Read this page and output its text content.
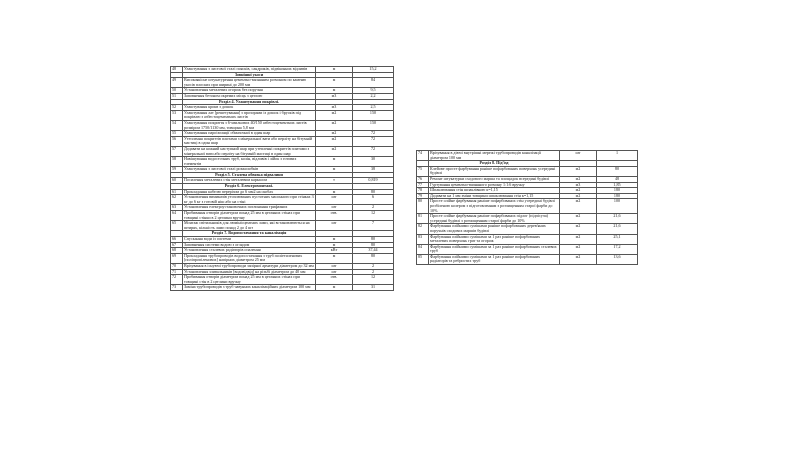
48	Улаштування з листової сталі поясків, сандриків, підвіконних відливів	м	15,2
	Зовнішні укоси		
49	Високоякісне штукатурення цементно-вапняним розчином по каменю укосів плоских при ширині до 200 мм	м	84
50	Установлення металевих огорож без поручня	м	9,5
51	Заповнення бетоном окремих місць з цеглою	м3	2,2
	Розділ 4. Улаштування покрівлі.		
52	Улаштування крокв з дошок	м3	2,5
53	Улаштування лат [решетування] з прозорами із дошок і брусків під покрівлю з азбестоцементних листів	м2	150
54	Улаштування покриття з 6-хвильових 40/150 азбестоцементних листів розміром 1750/1130 мм, товщина 5,8 мм	м2	150
55	Улаштування пароізоляції обмазочної в один шар	м2	72
56	Утеплення покриттів плитами з мінеральної вати або перліту на бітумній мастиці в один шар	м2	72
57	Додавати на кожний наступний шар при утепленні покриттів плитами з мінеральної вати або перліту на бітумній мастиці в один шар	м2	72
58	Навішування водосточних труб, колін, відливів і лійок з готових елементів	м	30
59	Улаштування з листової сталі розжолобків	м	38
	Розділ 5. Сталева обвязка підвалини		
60	Посилення металевих стін металевим каркасом	т	0,819
	Розділ 6. Електромонтажі.		
61	Прокладання кабелю перерізом до 6 мм2 на скобах	м	80
62	Установлення вимикачів утоплюваних пустотних масонного при стінках 3 кг до 6 кг з готовій ніш або на стіні	шт	6
63	Установлення електроустановочних поглинання трифазних	шт	2
64	Пробивання отворів діаметром понад 25 мм в цегляних стінах при товщині стінки в 2 цеглини вручну	отв.	12
65	Монтаж світильників для люмінісцентних ламп, які встановлюються на штирях, кількість ламп понад 2 до 4 шт	шт	7
	Розділ 7. Водопостачання та каналізація		
66	Спускання води із системи	м	80
67	Заповнення системи водою з оглядом	м	80
68	Установлення сталевих радіаторів опалення	кВт	37,44
69	Прокладання трубопроводів водопостачання з труб поліетиленових [поліпропіленових] напірних діаметром 25 мм	м	80
70	Врізування в існуючі трубопроводи запірної арматури діаметром до 32 мм	шт	2
71	Установлення зливальників [водовідвід] на різьбі діаметром до 40 мм	шт	2
72	Пробивання отворів діаметром понад 25 мм в цегляних стінах при товщині стін в 2 цеглини вручну	отв.	12
73	Заміна трубопроводів з труб чавунних каналізаційних діаметром 100 мм	м	31
74	Врізування в діючі внутрішні мережі трубопроводів каналізації діаметром 100 мм	шт	1
	Розділ 8. Пiд'їзд		
75	Клейове просте фарбування раніше пофарбованих поверхонь усередині будівлі	м2	80
76	Ремонт штукатурки сходового марша та площадок всередині будівлі	м2	48
77	Гуртування цементно-вапняного розчину 1:1:6 вручну	м3	1,85
78	Шпаклювання стін шпаклівкою к=1,15	м2	180
79	Додавати на 1 мм зміни товщини шпаклювання стін к=1,15	м2	180
80	Просте олійне фарбування раніше пофарбованих стін усередині будівлі розбіленою колером з підготовленням з розчищенням старої фарби до 10%	м2	100
81	Просте олійне фарбування раніше пофарбованих підлог (підпiсуча) усередині будівлі з розчищенням старої фарби до 10%	м2	21,6
82	Фарбування олійними сумішами раніше пофарбованих дерев'яних поручнів сходових маршів будівлі	м2	21,6
83	Фарбування олійними сумішами за 1 раз раніше пофарбованих металевих поверхонь грат та огорож	м2	25,1
84	Фарбування олійними сумішами за 1 раз раніше пофарбованих сталевих труб	м2	17,2
85	Фарбування олійними сумішами за 1 раз раніше пофарбованих радіаторів та ребристих труб	м2	13,6
